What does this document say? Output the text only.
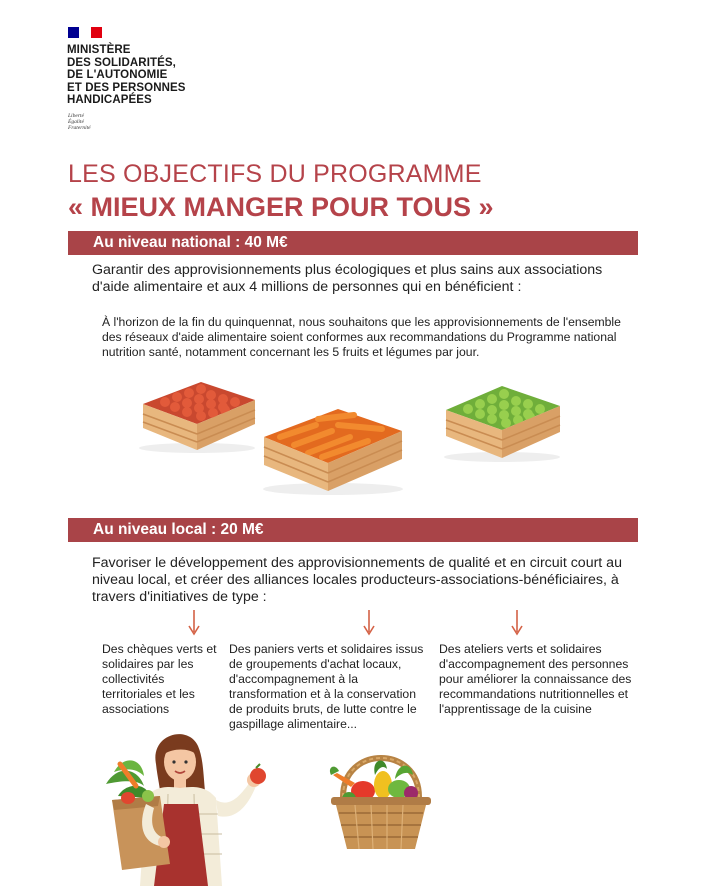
MINISTÈRE
DES SOLIDARITÉS,
DE L'AUTONOMIE
ET DES PERSONNES
HANDICAPÉES
Liberté
Égalité
Fraternité
LES OBJECTIFS DU PROGRAMME
« MIEUX MANGER POUR TOUS »
Au niveau national : 40 M€
Garantir des approvisionnements plus écologiques et plus sains aux associations d'aide alimentaire et aux 4 millions de personnes qui en bénéficient :
À l'horizon de la fin du quinquennat, nous souhaitons que les approvisionnements de l'ensemble des réseaux d'aide alimentaire soient conformes aux recommandations du Programme national nutrition santé, notamment concernant les 5 fruits et légumes par jour.
Au niveau local : 20 M€
Favoriser le développement des approvisionnements de qualité et en circuit court au niveau local, et créer des alliances locales producteurs-associations-bénéficiaires, à travers d'initiatives de type :
Des chèques verts et solidaires par les collectivités territoriales et les associations
Des paniers verts et solidaires issus de groupements d'achat locaux, d'accompagnement à la transformation et à la conservation de produits bruts, de lutte contre le gaspillage alimentaire...
Des ateliers verts et solidaires d'accompagnement des personnes pour améliorer la connaissance des recommandations nutritionnelles et l'apprentissage de la cuisine
